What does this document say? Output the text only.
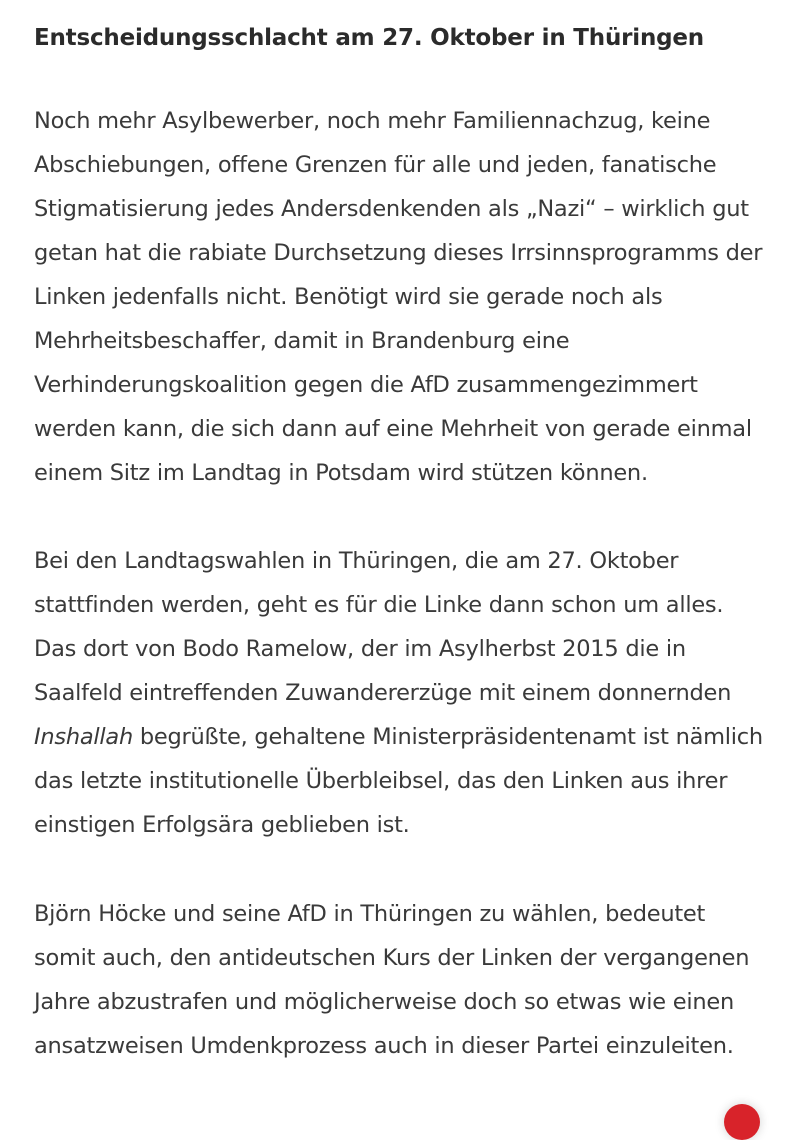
Entscheidungsschlacht am 27. Oktober in Thüringen

Noch mehr Asylbewerber, noch mehr Familiennachzug, keine Abschiebungen, offene Grenzen für alle und jeden, fanatische Stigmatisierung jedes Andersdenkenden als „Nazi“ – wirklich gut getan hat die rabiate Durchsetzung dieses Irrsinnsprogramms der Linken jedenfalls nicht. Benötigt wird sie gerade noch als Mehrheitsbeschaffer, damit in Brandenburg eine Verhinderungskoalition gegen die AfD zusammengezimmert werden kann, die sich dann auf eine Mehrheit von gerade einmal einem Sitz im Landtag in Potsdam wird stützen können.

Bei den Landtagswahlen in Thüringen, die am 27. Oktober stattfinden werden, geht es für die Linke dann schon um alles. Das dort von Bodo Ramelow, der im Asylherbst 2015 die in Saalfeld eintreffenden Zuwandererzüge mit einem donnernden Inshallah begrüßte, gehaltene Ministerpräsidentenamt ist nämlich das letzte institutionelle Überbleibsel, das den Linken aus ihrer einstigen Erfolgsära geblieben ist.

Björn Höcke und seine AfD in Thüringen zu wählen, bedeutet somit auch, den antideutschen Kurs der Linken der vergangenen Jahre abzustrafen und möglicherweise doch so etwas wie einen ansatzweisen Umdenkprozess auch in dieser Partei einzuleiten.
